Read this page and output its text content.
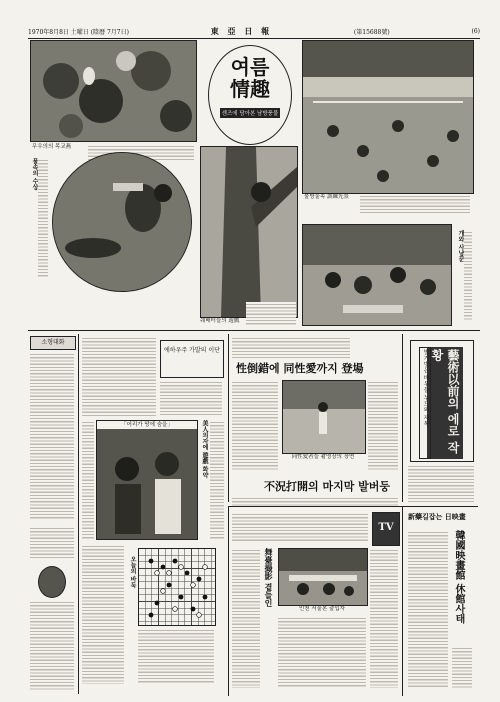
1970年8月8日 土曜日 (陰曆 7月7日)	東 亞 日 報	(第15688號)	(6)
무우의의 목교燕
여름
情趣
센즈에 담아본 남방풍물
물방울속 訓練光景
물속의 수상
쉐배터들의 遊戲
개와 사냥꾼
소형대화
에하우주 가발의 이단
「어리가 땅에 숨을」	美人의자에 遊戲 화약
性倒錯에 同性愛까지 登場
同性愛者들 촬영장의 장면
不況打開의 마지막 발버둥
藝術以前의 에로 작황
벌거벗은 배우들 누드의 제목
오늘의 바둑
TV
舞臺撮影 곁들인
인천 서울본 출입자
新藥길잡는 日映畫
韓國映畫館 休館사태
